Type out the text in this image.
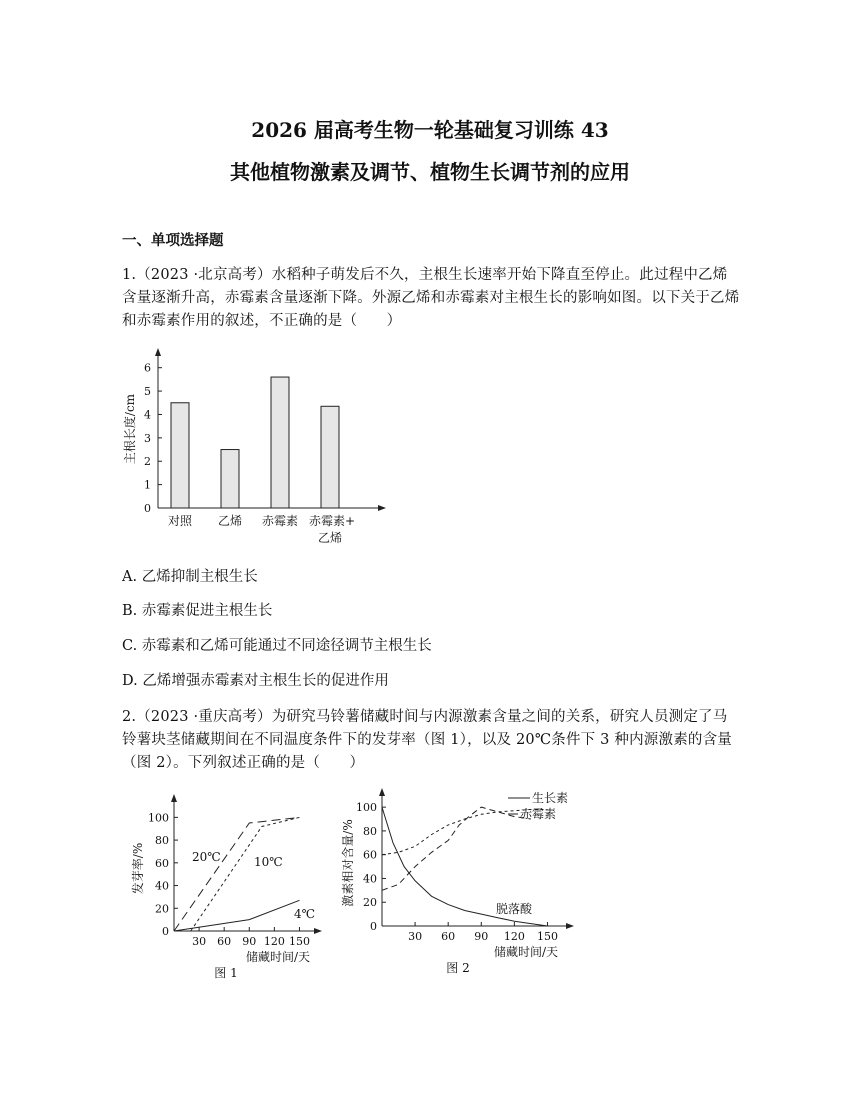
2026 届高考生物一轮基础复习训练 43
其他植物激素及调节、植物生长调节剂的应用
一、单项选择题
1.（2023 ·北京高考）水稻种子萌发后不久，主根生长速率开始下降直至停止。此过程中乙烯含量逐渐升高，赤霉素含量逐渐下降。外源乙烯和赤霉素对主根生长的影响如图。以下关于乙烯和赤霉素作用的叙述，不正确的是（　　）
0
1
2
3
4
5
6
主根长度/cm
对照 乙烯 赤霉素 赤霉素+
乙烯
A. 乙烯抑制主根生长
B. 赤霉素促进主根生长
C. 赤霉素和乙烯可能通过不同途径调节主根生长
D. 乙烯增强赤霉素对主根生长的促进作用
2.（2023 ·重庆高考）为研究马铃薯储藏时间与内源激素含量之间的关系，研究人员测定了马铃薯块茎储藏期间在不同温度条件下的发芽率（图 1），以及 20℃条件下 3 种内源激素的含量（图 2）。下列叙述正确的是（　　）
0
20
40
60
80
100
30 60 90 120 150
发芽率/%
储藏时间/天
图 1
20℃	10℃
4℃
0
20
40
60
80
100
30 60 90 120 150
激素相对含量/%
储藏时间/天
图 2
生长素
赤霉素
脱落酸
